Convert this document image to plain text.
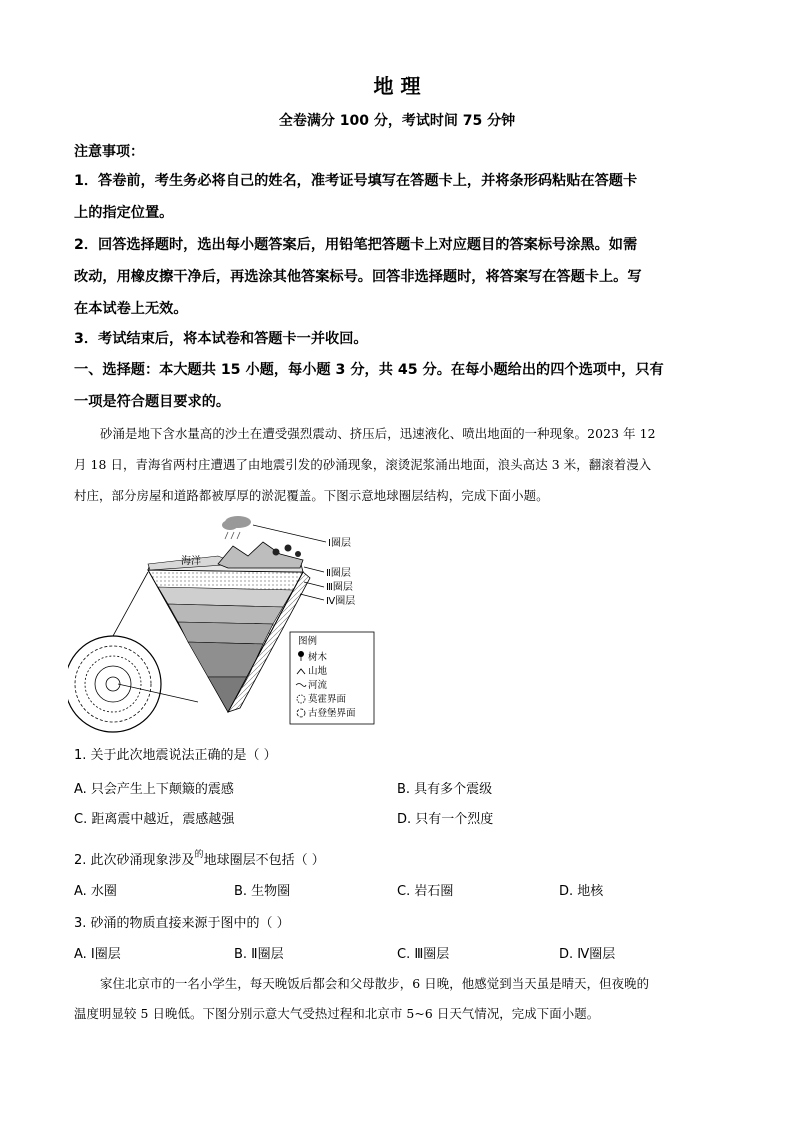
地 理
全卷满分 100 分，考试时间 75 分钟
注意事项：
1．答卷前，考生务必将自己的姓名，准考证号填写在答题卡上，并将条形码粘贴在答题卡
上的指定位置。
2．回答选择题时，选出每小题答案后，用铅笔把答题卡上对应题目的答案标号涂黑。如需
改动，用橡皮擦干净后，再选涂其他答案标号。回答非选择题时，将答案写在答题卡上。写
在本试卷上无效。
3．考试结束后，将本试卷和答题卡一并收回。
一、选择题：本大题共 15 小题，每小题 3 分，共 45 分。在每小题给出的四个选项中，只有
一项是符合题目要求的。
砂涌是地下含水量高的沙土在遭受强烈震动、挤压后，迅速液化、喷出地面的一种现象。2023 年 12
月 18 日，青海省两村庄遭遇了由地震引发的砂涌现象，滚烫泥浆涌出地面，浪头高达 3 米，翻滚着漫入
村庄，部分房屋和道路都被厚厚的淤泥覆盖。下图示意地球圈层结构，完成下面小题。
海洋
Ⅰ圈层
Ⅱ圈层
Ⅲ圈层
Ⅳ圈层
图例
树木
山地
河流
莫霍界面
古登堡界面
1. 关于此次地震说法正确的是（ ）
A. 只会产生上下颠簸的震感	B. 具有多个震级
C. 距离震中越近，震感越强	D. 只有一个烈度
2. 此次砂涌现象涉及$^的$地球圈层不包括（ ）
A. 水圈	B. 生物圈	C. 岩石圈	D. 地核
3. 砂涌的物质直接来源于图中的（ ）
A. Ⅰ圈层	B. Ⅱ圈层	C. Ⅲ圈层	D. Ⅳ圈层
家住北京市的一名小学生，每天晚饭后都会和父母散步，6 日晚，他感觉到当天虽是晴天，但夜晚的
温度明显较 5 日晚低。下图分别示意大气受热过程和北京市 5~6 日天气情况，完成下面小题。
